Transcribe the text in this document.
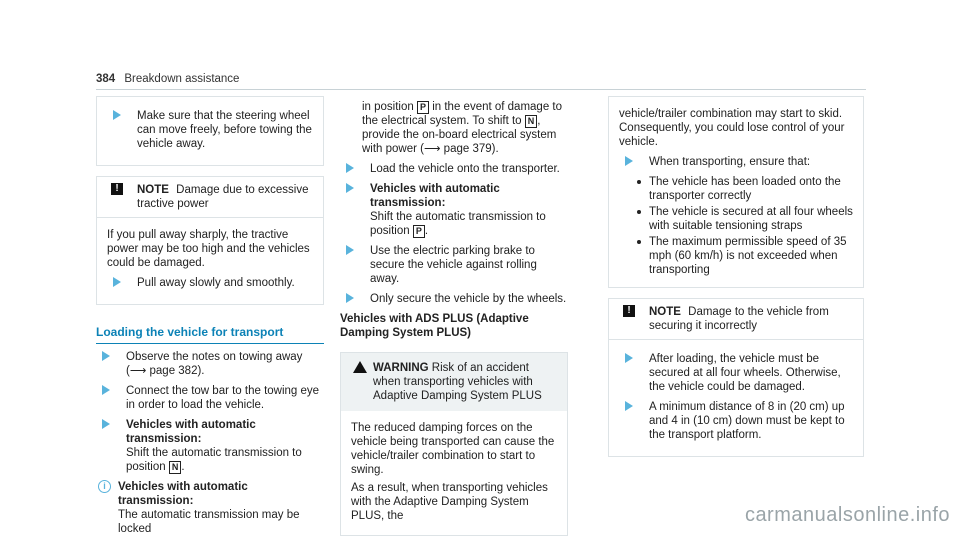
384 Breakdown assistance
Make sure that the steering wheel can move freely, before towing the vehicle away.
!	NOTE Damage due to excessive tractive power
If you pull away sharply, the tractive power may be too high and the vehicles could be damaged.
Pull away slowly and smoothly.
Loading the vehicle for transport
Observe the notes on towing away (⟶ page 382).
Connect the tow bar to the towing eye in order to load the vehicle.
Vehicles with automatic transmission:
Shift the automatic transmission to position N .
i	Vehicles with automatic transmission:
The automatic transmission may be locked
in position P in the event of damage to the electrical system. To shift to N , provide the on-board electrical system with power (⟶ page 379).
Load the vehicle onto the transporter.
Vehicles with automatic transmission:
Shift the automatic transmission to position P .
Use the electric parking brake to secure the vehicle against rolling away.
Only secure the vehicle by the wheels.
Vehicles with ADS PLUS (Adaptive Damping System PLUS)
WARNING Risk of an accident when transporting vehicles with Adaptive Damping System PLUS
The reduced damping forces on the vehicle being transported can cause the vehicle/trailer combination to start to swing.
As a result, when transporting vehicles with the Adaptive Damping System PLUS, the
vehicle/trailer combination may start to skid. Consequently, you could lose control of your vehicle.
When transporting, ensure that:
The vehicle has been loaded onto the transporter correctly
The vehicle is secured at all four wheels with suitable tensioning straps
The maximum permissible speed of 35 mph (60 km/h) is not exceeded when transporting
!	NOTE Damage to the vehicle from securing it incorrectly
After loading, the vehicle must be secured at all four wheels. Otherwise, the vehicle could be damaged.
A minimum distance of 8 in (20 cm) up and 4 in (10 cm) down must be kept to the transport platform.
carmanualsonline.info
